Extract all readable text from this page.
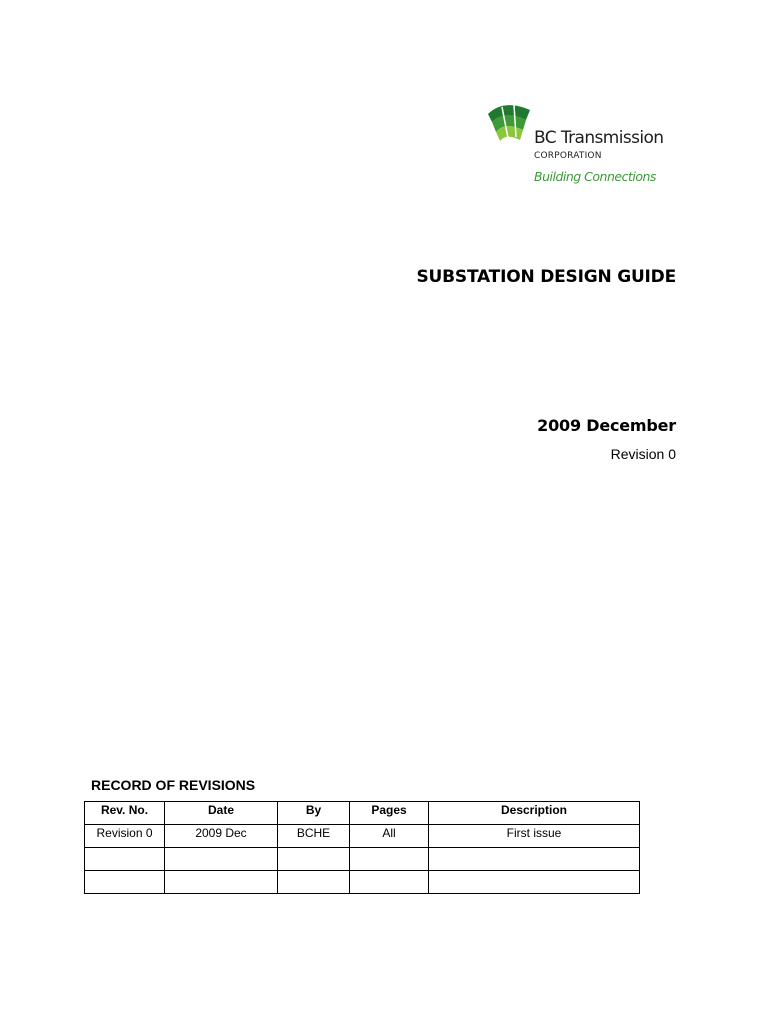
BC Transmission
CORPORATION
Building Connections
SUBSTATION DESIGN GUIDE
2009 December
Revision 0
RECORD OF REVISIONS
Rev. No.	Date	By	Pages	Description
Revision 0	2009 Dec	BCHE	All	First issue
